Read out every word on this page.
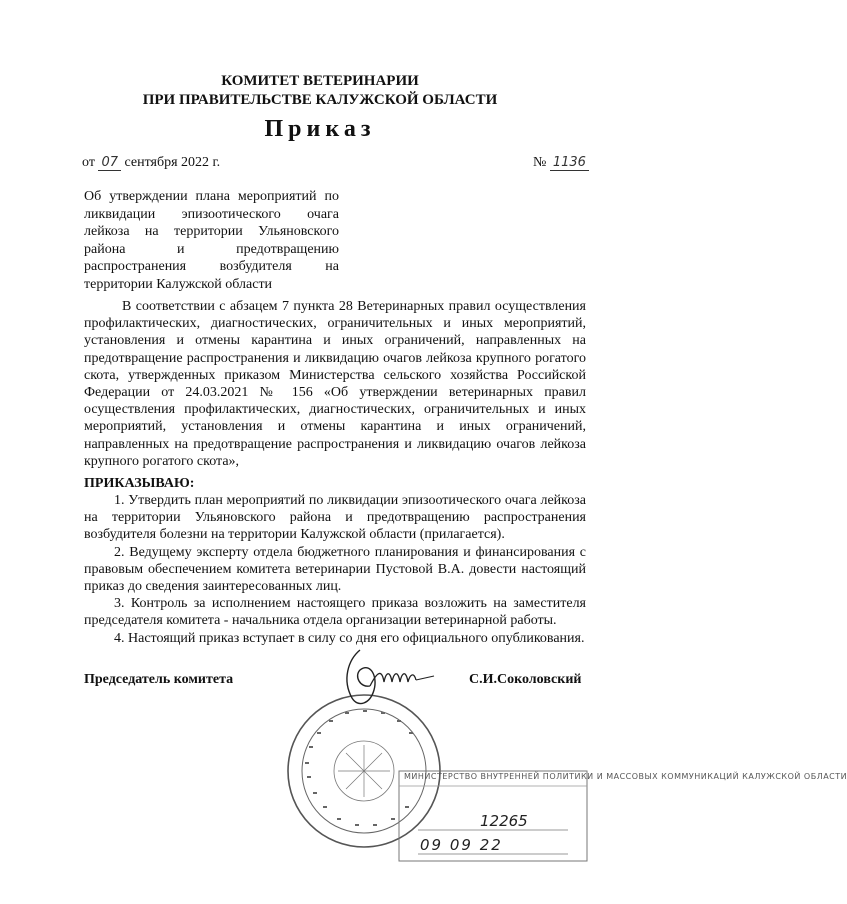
КОМИТЕТ ВЕТЕРИНАРИИ
ПРИ ПРАВИТЕЛЬСТВЕ КАЛУЖСКОЙ ОБЛАСТИ
Приказ
от 07 сентября 2022 г.	№ 1136
Об утверждении плана мероприятий по
ликвидации эпизоотического очага
лейкоза на территории Ульяновского
района и предотвращению
распространения возбудителя на
территории Калужской области
В соответствии с абзацем 7 пункта 28 Ветеринарных правил осуществления профилактических, диагностических, ограничительных и иных мероприятий, установления и отмены карантина и иных ограничений, направленных на предотвращение распространения и ликвидацию очагов лейкоза крупного рогатого скота, утвержденных приказом Министерства сельского хозяйства Российской Федерации от 24.03.2021 № 156 «Об утверждении ветеринарных правил осуществления профилактических, диагностических, ограничительных и иных мероприятий, установления и отмены карантина и иных ограничений, направленных на предотвращение распространения и ликвидацию очагов лейкоза крупного рогатого скота»,
ПРИКАЗЫВАЮ:

1. Утвердить план мероприятий по ликвидации эпизоотического очага лейкоза на территории Ульяновского района и предотвращению распространения возбудителя болезни на территории Калужской области (прилагается).

2. Ведущему эксперту отдела бюджетного планирования и финансирования с правовым обеспечением комитета ветеринарии Пустовой В.А. довести настоящий приказ до сведения заинтересованных лиц.

3. Контроль за исполнением настоящего приказа возложить на заместителя председателя комитета - начальника отдела организации ветеринарной работы.

4. Настоящий приказ вступает в силу со дня его официального опубликования.

Председатель комитета	С.И.Соколовский
МИНИСТЕРСТВО ВНУТРЕННЕЙ ПОЛИТИКИ И МАССОВЫХ КОММУНИКАЦИЙ КАЛУЖСКОЙ ОБЛАСТИ
12265
09 09 22
